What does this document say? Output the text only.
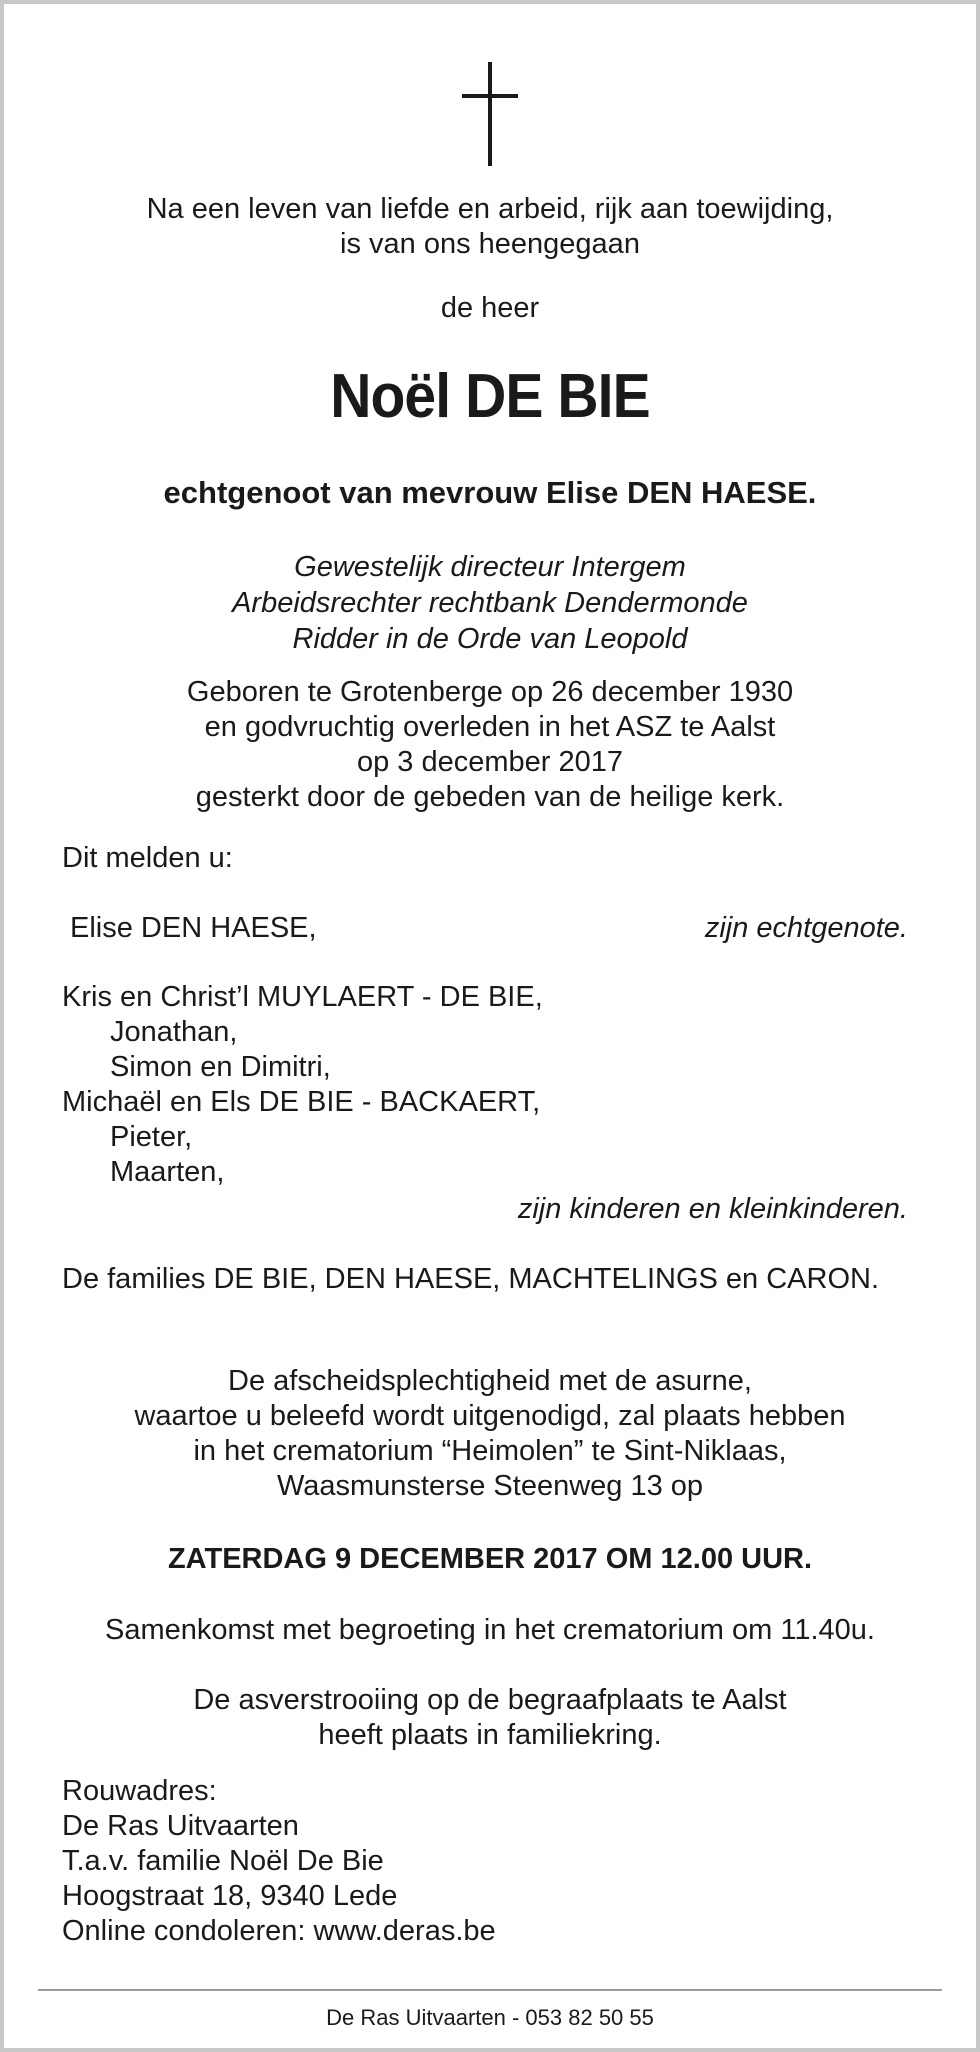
Na een leven van liefde en arbeid, rijk aan toewijding,
is van ons heengegaan
de heer
Noël DE BIE
echtgenoot van mevrouw Elise DEN HAESE.
Gewestelijk directeur Intergem
Arbeidsrechter rechtbank Dendermonde
Ridder in de Orde van Leopold
Geboren te Grotenberge op 26 december 1930
en godvruchtig overleden in het ASZ te Aalst
op 3 december 2017
gesterkt door de gebeden van de heilige kerk.
Dit melden u:
Elise DEN HAESE,	zijn echtgenote.
Kris en Christ’l MUYLAERT - DE BIE,
Jonathan,
Simon en Dimitri,
Michaël en Els DE BIE - BACKAERT,
Pieter,
Maarten,
zijn kinderen en kleinkinderen.
De families DE BIE, DEN HAESE, MACHTELINGS en CARON.
De afscheidsplechtigheid met de asurne,
waartoe u beleefd wordt uitgenodigd, zal plaats hebben
in het crematorium “Heimolen” te Sint-Niklaas,
Waasmunsterse Steenweg 13 op
ZATERDAG 9 DECEMBER 2017 OM 12.00 UUR.
Samenkomst met begroeting in het crematorium om 11.40u.
De asverstrooiing op de begraafplaats te Aalst
heeft plaats in familiekring.
Rouwadres:
De Ras Uitvaarten
T.a.v. familie Noël De Bie
Hoogstraat 18, 9340 Lede
Online condoleren: www.deras.be
De Ras Uitvaarten - 053 82 50 55
